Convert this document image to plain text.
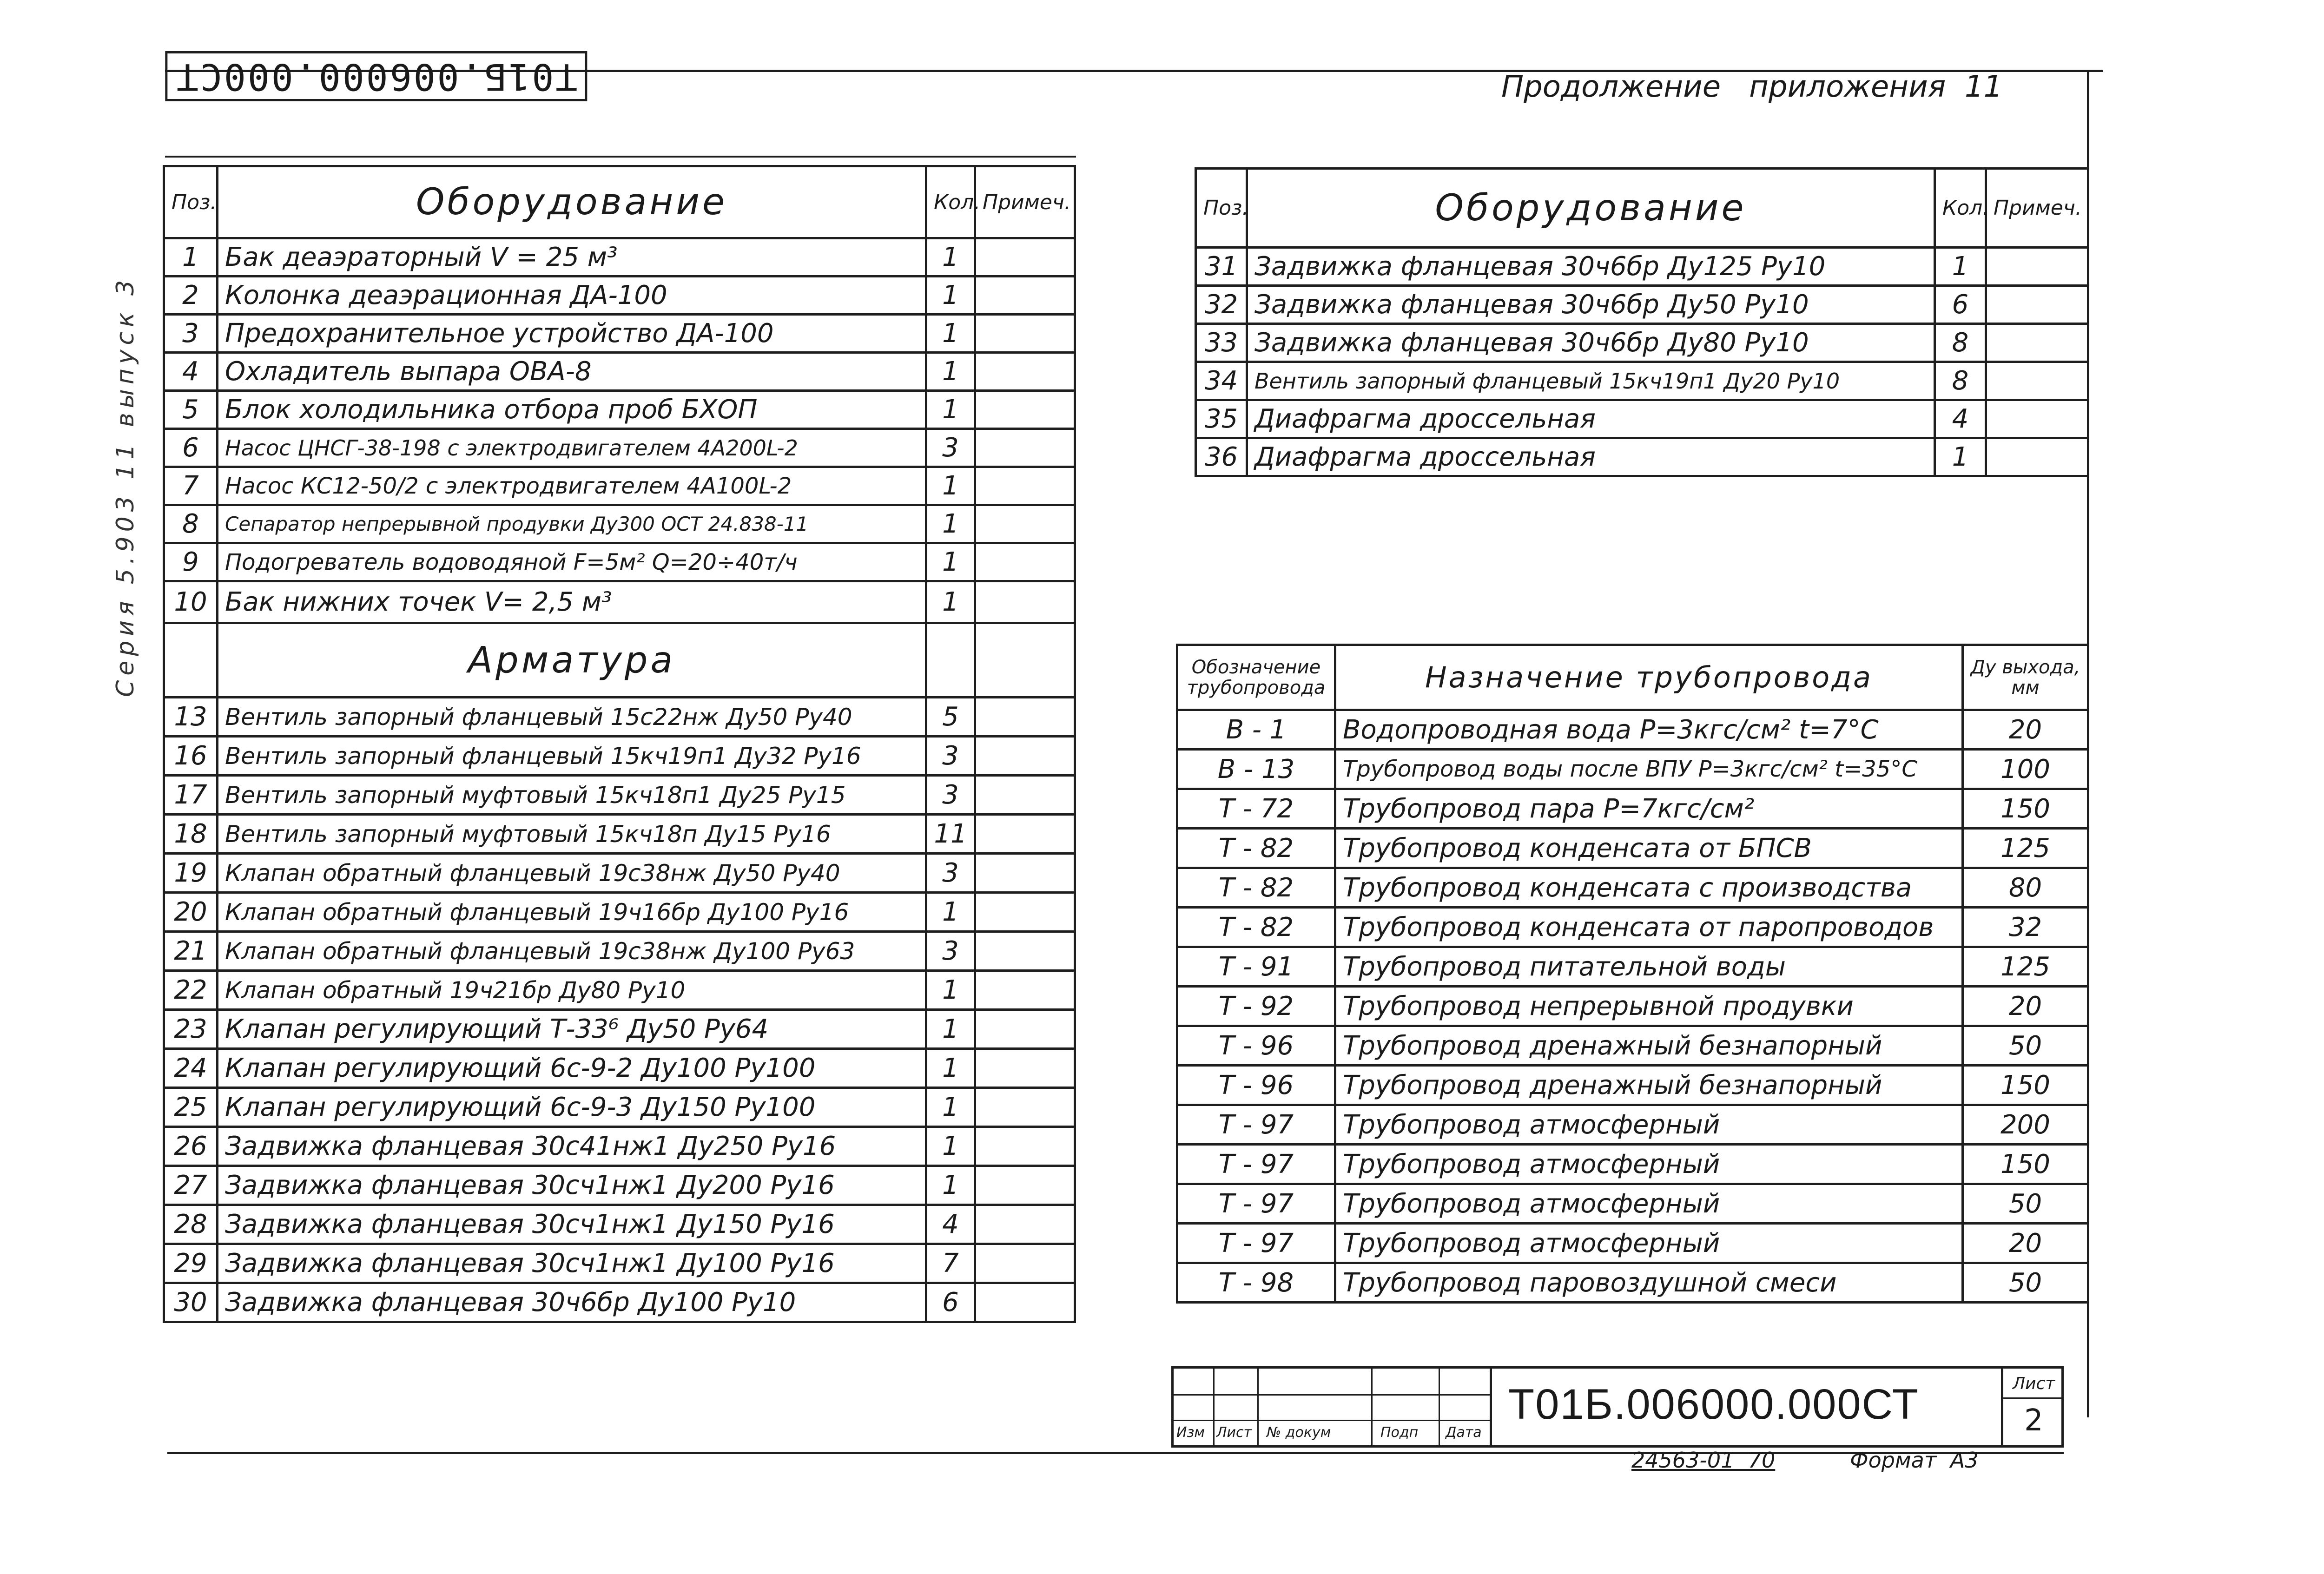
T01Б.006000.000СТ	Продолжение   приложения  11
Серия 5.903 11 выпуск 3
Поз.	Оборудование	Кол.	Примеч.
1	Бак деаэраторный V = 25 м³	1	
2	Колонка деаэрационная ДА-100	1	
3	Предохранительное устройство ДА-100	1	
4	Охладитель выпара ОВА-8	1	
5	Блок холодильника отбора проб БХОП	1	
6	Насос ЦНСГ-38-198 с электродвигателем 4А200L-2	3	
7	Насос КС12-50/2 с электродвигателем 4А100L-2	1	
8	Сепаратор непрерывной продувки Ду300 ОСТ 24.838-11	1	
9	Подогреватель водоводяной F=5м² Q=20÷40т/ч	1	
10	Бак нижних точек V= 2,5 м³	1	
	Арматура		
13	Вентиль запорный фланцевый 15с22нж Ду50 Ру40	5	
16	Вентиль запорный фланцевый 15кч19п1 Ду32 Ру16	3	
17	Вентиль запорный муфтовый 15кч18п1 Ду25 Ру15	3	
18	Вентиль запорный муфтовый 15кч18п Ду15 Ру16	11	
19	Клапан обратный фланцевый 19с38нж Ду50 Ру40	3	
20	Клапан обратный фланцевый 19ч16бр Ду100 Ру16	1	
21	Клапан обратный фланцевый 19с38нж Ду100 Ру63	3	
22	Клапан обратный 19ч21бр Ду80 Ру10	1	
23	Клапан регулирующий Т-33⁶ Ду50 Ру64	1	
24	Клапан регулирующий 6с-9-2 Ду100 Ру100	1	
25	Клапан регулирующий 6с-9-3 Ду150 Ру100	1	
26	Задвижка фланцевая 30с41нж1 Ду250 Ру16	1	
27	Задвижка фланцевая 30сч1нж1 Ду200 Ру16	1	
28	Задвижка фланцевая 30сч1нж1 Ду150 Ру16	4	
29	Задвижка фланцевая 30сч1нж1 Ду100 Ру16	7	
30	Задвижка фланцевая 30ч6бр Ду100 Ру10	6	
Поз.	Оборудование	Кол.	Примеч.
31	Задвижка фланцевая 30ч6бр Ду125 Ру10	1	
32	Задвижка фланцевая 30ч6бр Ду50 Ру10	6	
33	Задвижка фланцевая 30ч6бр Ду80 Ру10	8	
34	Вентиль запорный фланцевый 15кч19п1 Ду20 Ру10	8	
35	Диафрагма дроссельная	4	
36	Диафрагма дроссельная	1	
Обозначение трубопровода	Назначение трубопровода	Ду выхода, мм
В - 1	Водопроводная вода Р=3кгс/см² t=7°С	20
В - 13	Трубопровод воды после ВПУ Р=3кгс/см² t=35°С	100
Т - 72	Трубопровод пара Р=7кгс/см²	150
Т - 82	Трубопровод конденсата от БПСВ	125
Т - 82	Трубопровод конденсата с производства	80
Т - 82	Трубопровод конденсата от паропроводов	32
Т - 91	Трубопровод питательной воды	125
Т - 92	Трубопровод непрерывной продувки	20
Т - 96	Трубопровод дренажный безнапорный	50
Т - 96	Трубопровод дренажный безнапорный	150
Т - 97	Трубопровод атмосферный	200
Т - 97	Трубопровод атмосферный	150
Т - 97	Трубопровод атмосферный	50
Т - 97	Трубопровод атмосферный	20
Т - 98	Трубопровод паровоздушной смеси	50
Изм Лист № докум	Подп Дата
T01Б.006000.000СТ	Лист
2
24563-01  70	Формат  А3
